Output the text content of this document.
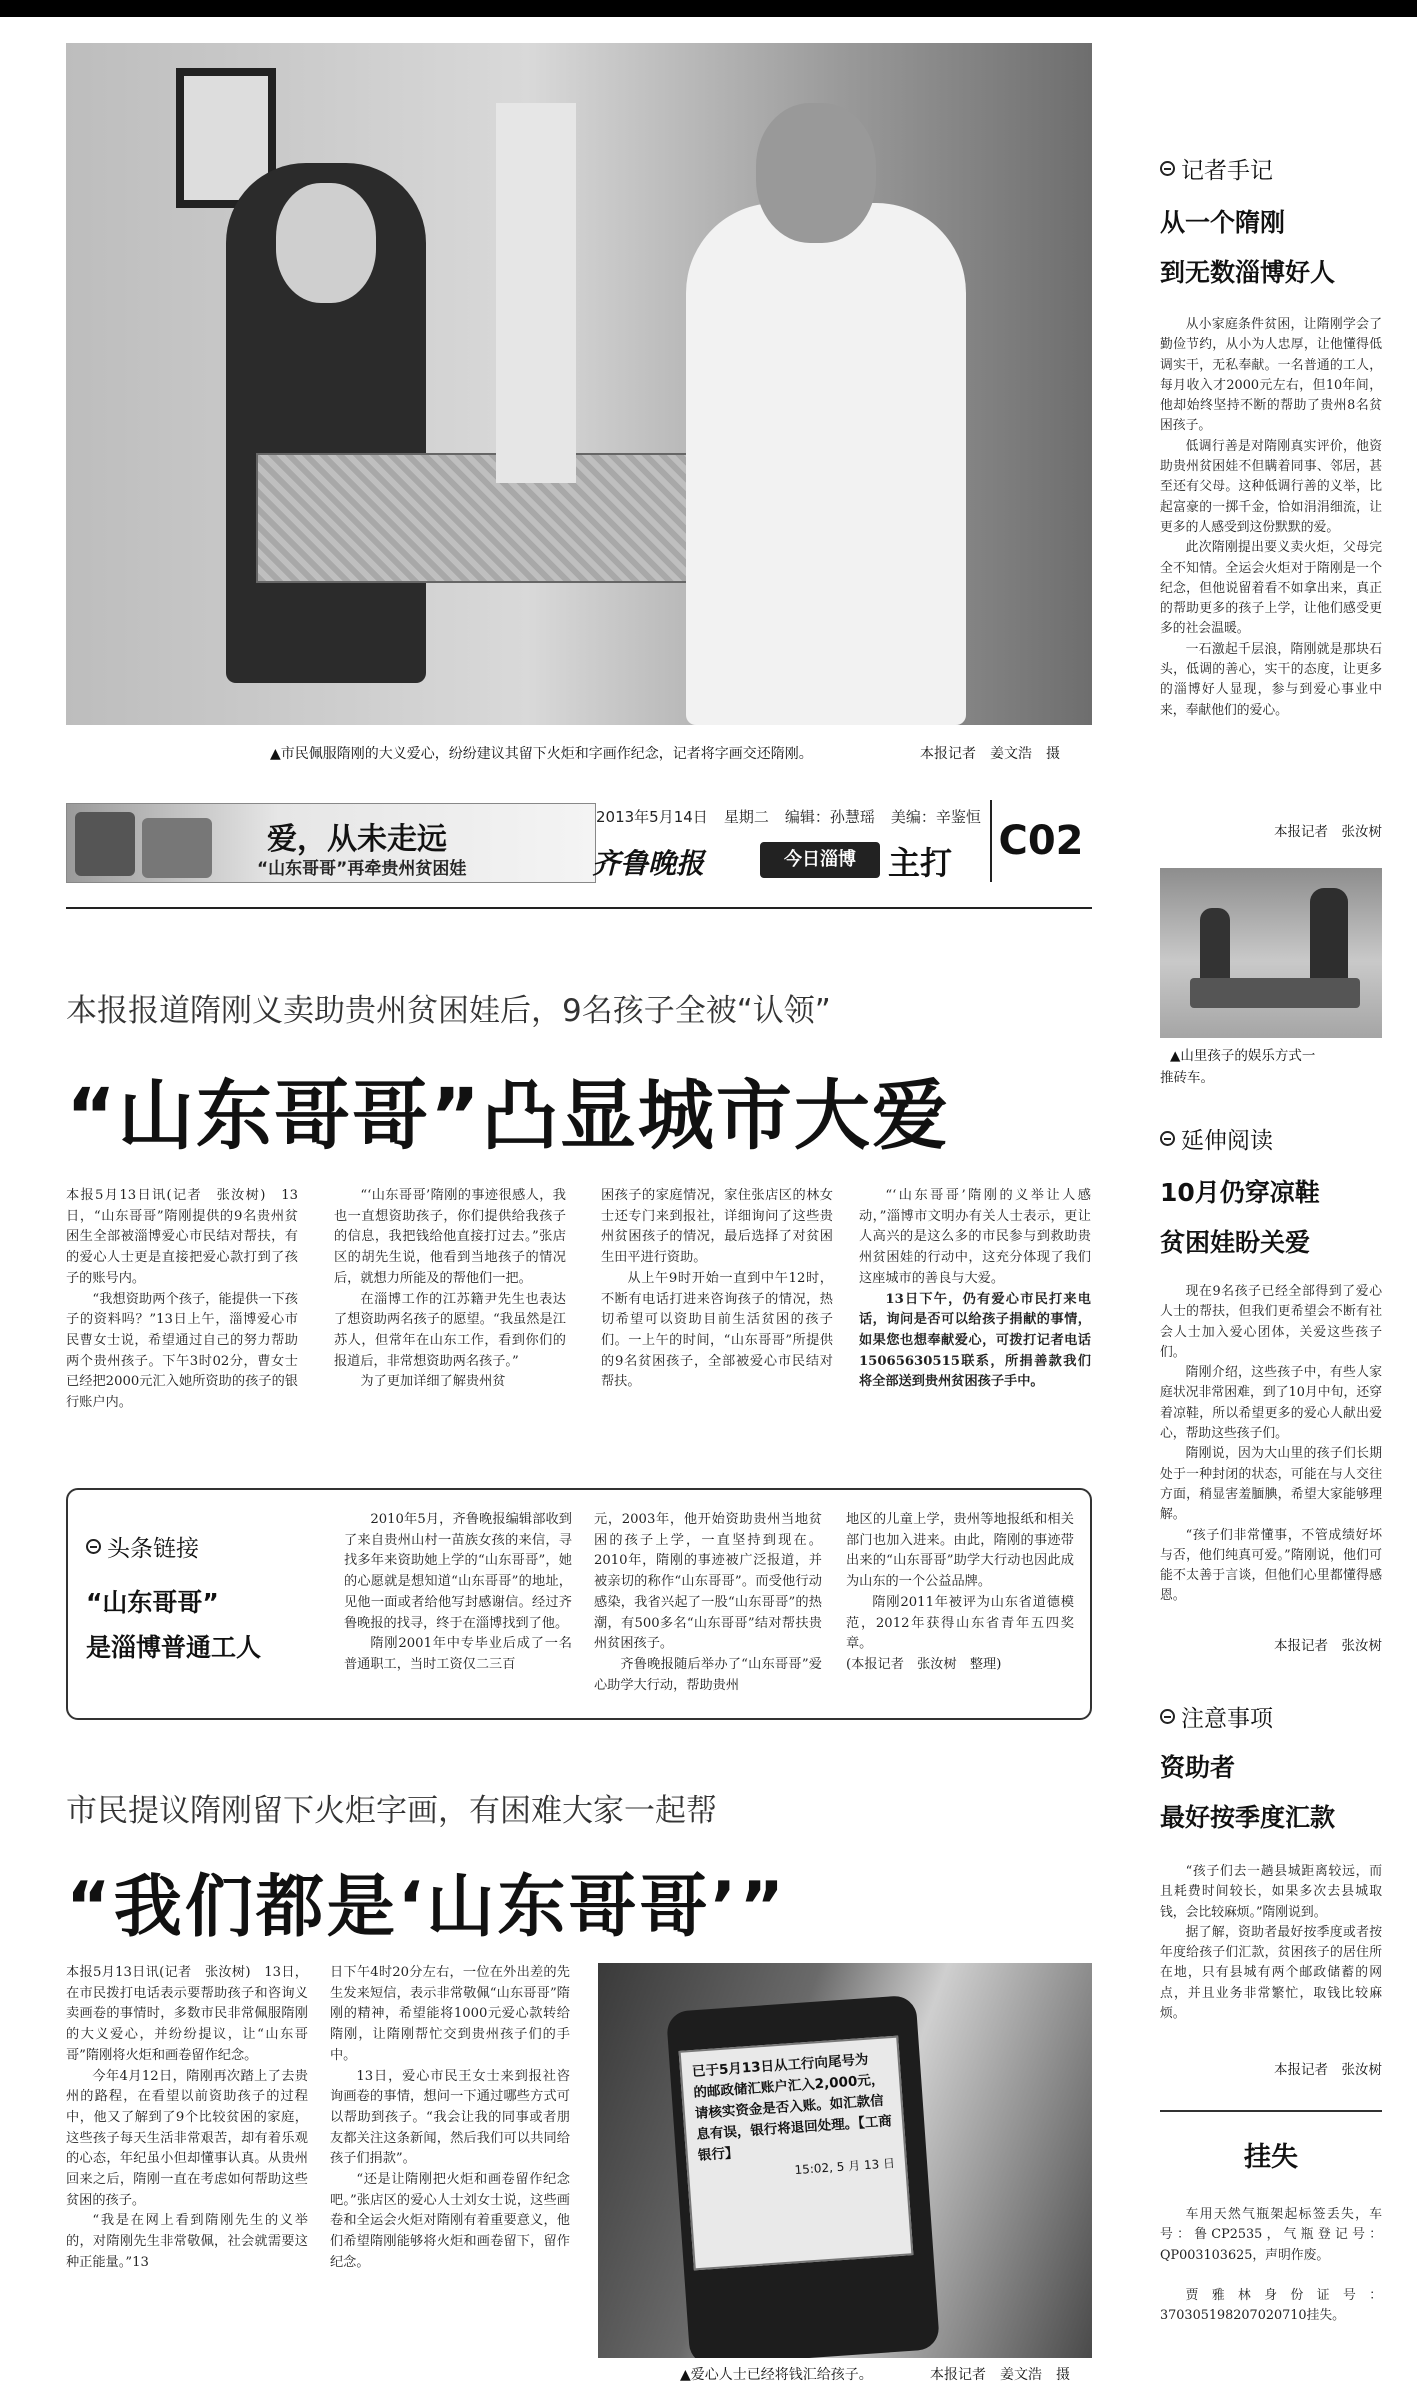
▲市民佩服隋刚的大义爱心，纷纷建议其留下火炬和字画作纪念，记者将字画交还隋刚。	本报记者　姜文浩　摄
爱，从未走远
“山东哥哥”再牵贵州贫困娃
2013年5月14日 星期二 编辑：孙慧瑶 美编：辛鉴恒
齐鲁晚报	今日淄博	主打 C02
本报报道隋刚义卖助贵州贫困娃后，9名孩子全被“认领”
“山东哥哥”凸显城市大爱

本报5月13日讯(记者　张汝树)　13日，“山东哥哥”隋刚提供的9名贵州贫困生全部被淄博爱心市民结对帮扶，有的爱心人士更是直接把爱心款打到了孩子的账号内。

“我想资助两个孩子，能提供一下孩子的资料吗？”13日上午，淄博爱心市民曹女士说，希望通过自己的努力帮助两个贵州孩子。下午3时02分，曹女士已经把2000元汇入她所资助的孩子的银行账户内。

“‘山东哥哥’隋刚的事迹很感人，我也一直想资助孩子，你们提供给我孩子的信息，我把钱给他直接打过去。”张店区的胡先生说，他看到当地孩子的情况后，就想力所能及的帮他们一把。

在淄博工作的江苏籍尹先生也表达了想资助两名孩子的愿望。“我虽然是江苏人，但常年在山东工作，看到你们的报道后，非常想资助两名孩子。”

为了更加详细了解贵州贫

困孩子的家庭情况，家住张店区的林女士还专门来到报社，详细询问了这些贵州贫困孩子的情况，最后选择了对贫困生田平进行资助。

从上午9时开始一直到中午12时，不断有电话打进来咨询孩子的情况，热切希望可以资助目前生活贫困的孩子们。一上午的时间，“山东哥哥”所提供的9名贫困孩子，全部被爱心市民结对帮扶。

“‘山东哥哥’隋刚的义举让人感动，”淄博市文明办有关人士表示，更让人高兴的是这么多的市民参与到救助贵州贫困娃的行动中，这充分体现了我们这座城市的善良与大爱。

13日下午，仍有爱心市民打来电话，询问是否可以给孩子捐献的事情，如果您也想奉献爱心，可拨打记者电话15065630515联系，所捐善款我们将全部送到贵州贫困孩子手中。

头条链接
“山东哥哥”
是淄博普通工人

2010年5月，齐鲁晚报编辑部收到了来自贵州山村一苗族女孩的来信，寻找多年来资助她上学的“山东哥哥”，她的心愿就是想知道“山东哥哥”的地址，见他一面或者给他写封感谢信。经过齐鲁晚报的找寻，终于在淄博找到了他。

隋刚2001年中专毕业后成了一名普通职工，当时工资仅二三百

元，2003年，他开始资助贵州当地贫困的孩子上学，一直坚持到现在。2010年，隋刚的事迹被广泛报道，并被亲切的称作“山东哥哥”。而受他行动感染，我省兴起了一股“山东哥哥”的热潮，有500多名“山东哥哥”结对帮扶贵州贫困孩子。

齐鲁晚报随后举办了“山东哥哥”爱心助学大行动，帮助贵州

地区的儿童上学，贵州等地报纸和相关部门也加入进来。由此，隋刚的事迹带出来的“山东哥哥”助学大行动也因此成为山东的一个公益品牌。

隋刚2011年被评为山东省道德模范，2012年获得山东省青年五四奖章。

(本报记者　张汝树　整理)

市民提议隋刚留下火炬字画，有困难大家一起帮
“我们都是‘山东哥哥’”

本报5月13日讯(记者　张汝树)　13日，在市民拨打电话表示要帮助孩子和咨询义卖画卷的事情时，多数市民非常佩服隋刚的大义爱心，并纷纷提议，让“山东哥哥”隋刚将火炬和画卷留作纪念。

今年4月12日，隋刚再次踏上了去贵州的路程，在看望以前资助孩子的过程中，他又了解到了9个比较贫困的家庭，这些孩子每天生活非常艰苦，却有着乐观的心态，年纪虽小但却懂事认真。从贵州回来之后，隋刚一直在考虑如何帮助这些贫困的孩子。

“我是在网上看到隋刚先生的义举的，对隋刚先生非常敬佩，社会就需要这种正能量。”13

日下午4时20分左右，一位在外出差的先生发来短信，表示非常敬佩“山东哥哥”隋刚的精神，希望能将1000元爱心款转给隋刚，让隋刚帮忙交到贵州孩子们的手中。

13日，爱心市民王女士来到报社咨询画卷的事情，想问一下通过哪些方式可以帮助到孩子。“我会让我的同事或者朋友都关注这条新闻，然后我们可以共同给孩子们捐款”。

“还是让隋刚把火炬和画卷留作纪念吧。”张店区的爱心人士刘女士说，这些画卷和全运会火炬对隋刚有着重要意义，他们希望隋刚能够将火炬和画卷留下，留作纪念。

已于5月13日从工行向尾号为　的邮政储汇账户汇入2,000元，请核实资金是否入账。如汇款信息有误，银行将退回处理。【工商银行】
15:02, 5 月 13 日
▲爱心人士已经将钱汇给孩子。	本报记者　姜文浩　摄
记者手记
从一个隋刚
到无数淄博好人

从小家庭条件贫困，让隋刚学会了勤俭节约，从小为人忠厚，让他懂得低调实干，无私奉献。一名普通的工人，每月收入才2000元左右，但10年间，他却始终坚持不断的帮助了贵州8名贫困孩子。

低调行善是对隋刚真实评价，他资助贵州贫困娃不但瞒着同事、邻居，甚至还有父母。这种低调行善的义举，比起富豪的一掷千金，恰如涓涓细流，让更多的人感受到这份默默的爱。

此次隋刚提出要义卖火炬，父母完全不知情。全运会火炬对于隋刚是一个纪念，但他说留着看不如拿出来，真正的帮助更多的孩子上学，让他们感受更多的社会温暖。

一石激起千层浪，隋刚就是那块石头，低调的善心，实干的态度，让更多的淄博好人显现，参与到爱心事业中来，奉献他们的爱心。

本报记者　张汝树
▲山里孩子的娱乐方式一
推砖车。
延伸阅读
10月仍穿凉鞋
贫困娃盼关爱

现在9名孩子已经全部得到了爱心人士的帮扶，但我们更希望会不断有社会人士加入爱心团体，关爱这些孩子们。

隋刚介绍，这些孩子中，有些人家庭状况非常困难，到了10月中旬，还穿着凉鞋，所以希望更多的爱心人献出爱心，帮助这些孩子们。

隋刚说，因为大山里的孩子们长期处于一种封闭的状态，可能在与人交往方面，稍显害羞腼腆，希望大家能够理解。

“孩子们非常懂事，不管成绩好坏与否，他们纯真可爱。”隋刚说，他们可能不太善于言谈，但他们心里都懂得感恩。

本报记者　张汝树
注意事项
资助者
最好按季度汇款

“孩子们去一趟县城距离较远，而且耗费时间较长，如果多次去县城取钱，会比较麻烦。”隋刚说到。

据了解，资助者最好按季度或者按年度给孩子们汇款，贫困孩子的居住所在地，只有县城有两个邮政储蓄的网点，并且业务非常繁忙，取钱比较麻烦。

本报记者　张汝树
挂失

车用天然气瓶架起标签丢失，车号：鲁CP2535，气瓶登记号：QP003103625，声明作废。

贾雅林身份证号：370305198207020710挂失。
